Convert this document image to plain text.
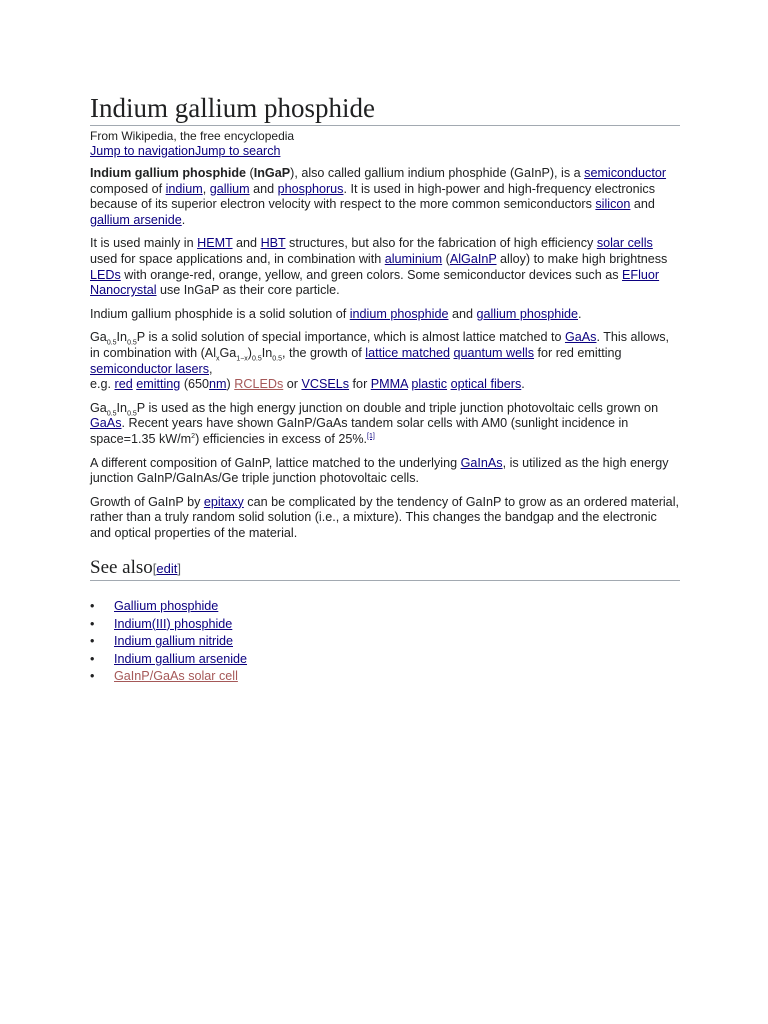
Indium gallium phosphide
From Wikipedia, the free encyclopedia
Jump to navigationJump to search

Indium gallium phosphide (InGaP), also called gallium indium phosphide (GaInP), is a semiconductor composed of indium, gallium and phosphorus. It is used in high-power and high-frequency electronics because of its superior electron velocity with respect to the more common semiconductors silicon and gallium arsenide.

It is used mainly in HEMT and HBT structures, but also for the fabrication of high efficiency solar cells used for space applications and, in combination with aluminium (AlGaInP alloy) to make high brightness LEDs with orange-red, orange, yellow, and green colors. Some semiconductor devices such as EFluor Nanocrystal use InGaP as their core particle.

Indium gallium phosphide is a solid solution of indium phosphide and gallium phosphide.

$Ga_{0.5}In_{0.5}P$ is a solid solution of special importance, which is almost lattice matched to GaAs. This allows, in combination with $(Al_xGa_{1-x})_{0.5}In_{0.5}$, the growth of lattice matched quantum wells for red emitting semiconductor lasers,
e.g. red emitting (650nm) RCLEDs or VCSELs for PMMA plastic optical fibers.

$Ga_{0.5}In_{0.5}P$ is used as the high energy junction on double and triple junction photovoltaic cells grown on GaAs. Recent years have shown GaInP/GaAs tandem solar cells with AM0 (sunlight incidence in space=1.35 $kW/m^2$) efficiencies in excess of 25%.[1]

A different composition of GaInP, lattice matched to the underlying GaInAs, is utilized as the high energy junction GaInP/GaInAs/Ge triple junction photovoltaic cells.

Growth of GaInP by epitaxy can be complicated by the tendency of GaInP to grow as an ordered material, rather than a truly random solid solution (i.e., a mixture). This changes the bandgap and the electronic and optical properties of the material.

See also[edit]
• Gallium phosphide
• Indium(III) phosphide
• Indium gallium nitride
• Indium gallium arsenide
• GaInP/GaAs solar cell
